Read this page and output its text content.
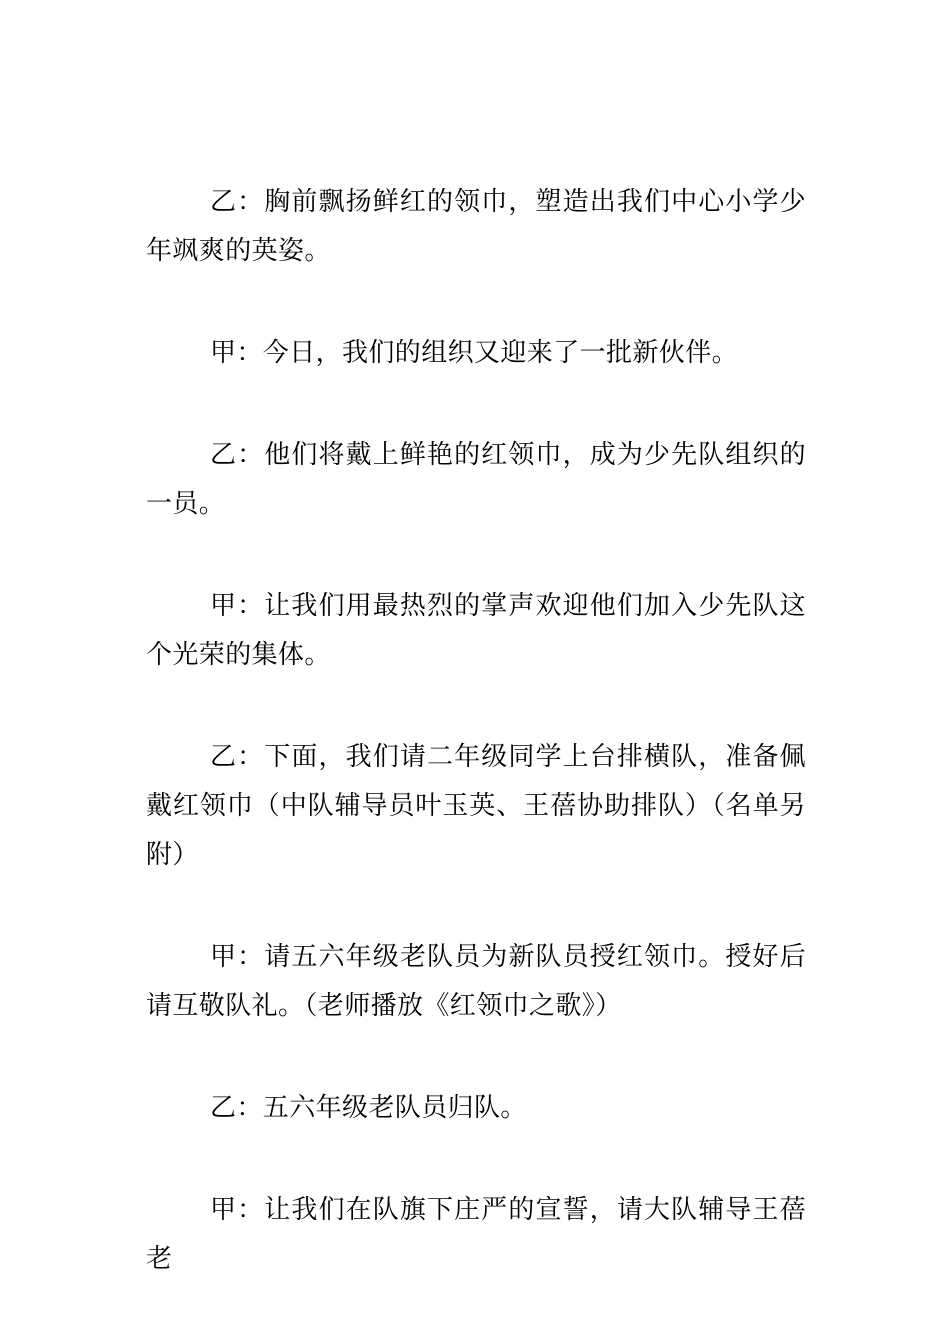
乙：胸前飘扬鲜红的领巾，塑造出我们中心小学少年飒爽的英姿。

甲：今日，我们的组织又迎来了一批新伙伴。

乙：他们将戴上鲜艳的红领巾，成为少先队组织的一员。

甲：让我们用最热烈的掌声欢迎他们加入少先队这个光荣的集体。

乙：下面，我们请二年级同学上台排横队，准备佩戴红领巾（中队辅导员叶玉英、王蓓协助排队）（名单另附）

甲：请五六年级老队员为新队员授红领巾。授好后请互敬队礼。（老师播放《红领巾之歌》）

乙：五六年级老队员归队。

甲：让我们在队旗下庄严的宣誓，请大队辅导王蓓老
